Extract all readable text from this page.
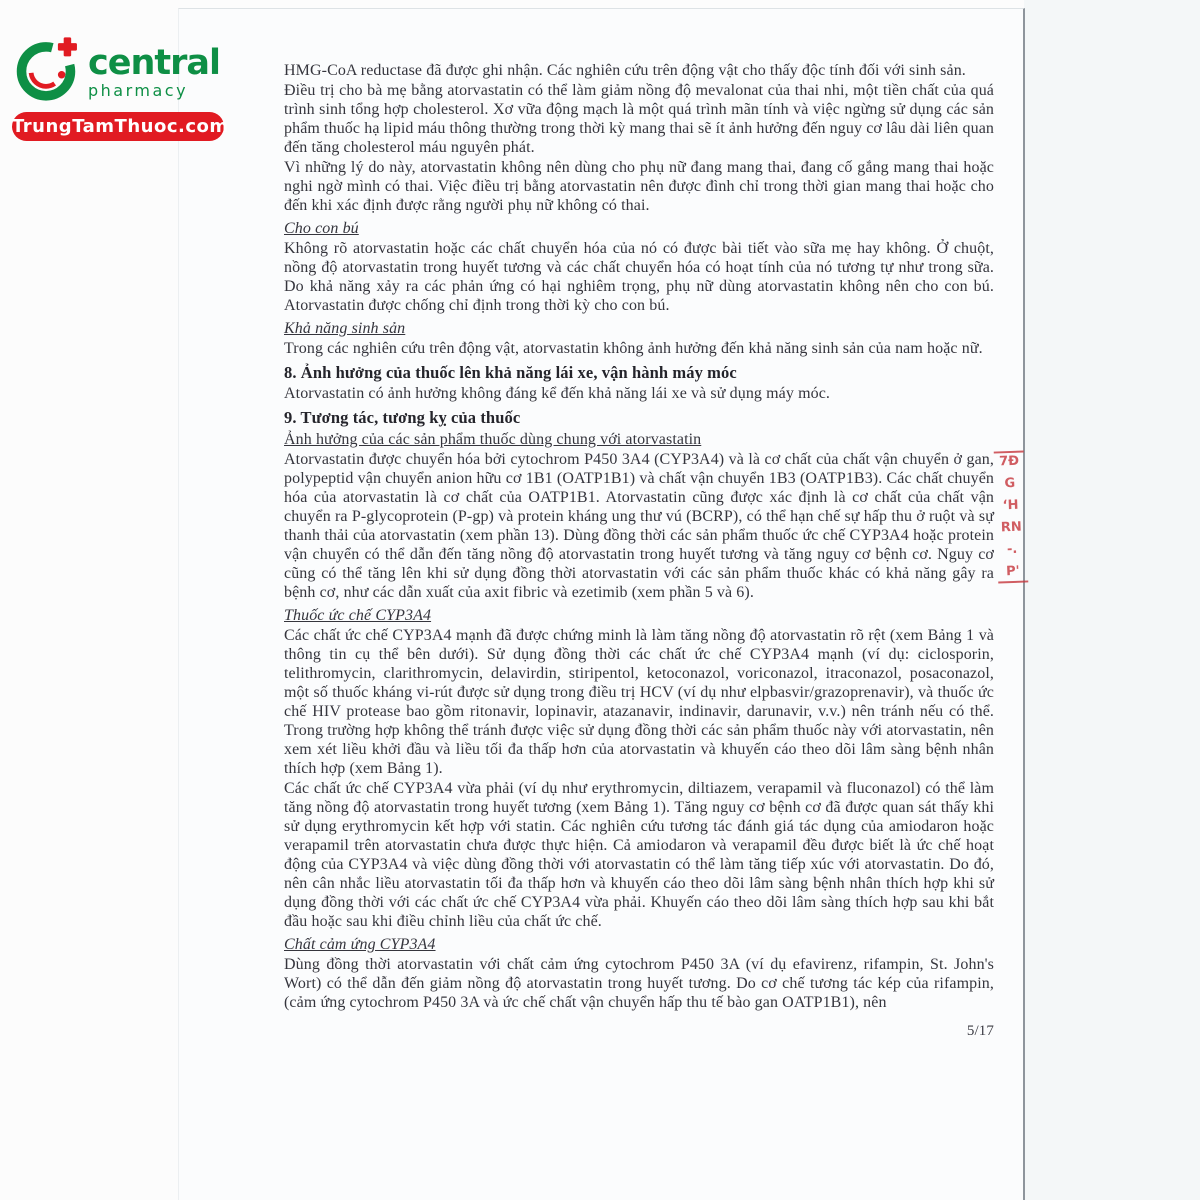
HMG-CoA reductase đã được ghi nhận. Các nghiên cứu trên động vật cho thấy độc tính đối với sinh sản.
Điều trị cho bà mẹ bằng atorvastatin có thể làm giảm nồng độ mevalonat của thai nhi, một tiền chất của quá trình sinh tổng hợp cholesterol. Xơ vữa động mạch là một quá trình mãn tính và việc ngừng sử dụng các sản phẩm thuốc hạ lipid máu thông thường trong thời kỳ mang thai sẽ ít ảnh hưởng đến nguy cơ lâu dài liên quan đến tăng cholesterol máu nguyên phát.
Vì những lý do này, atorvastatin không nên dùng cho phụ nữ đang mang thai, đang cố gắng mang thai hoặc nghi ngờ mình có thai. Việc điều trị bằng atorvastatin nên được đình chỉ trong thời gian mang thai hoặc cho đến khi xác định được rằng người phụ nữ không có thai.
Cho con bú
Không rõ atorvastatin hoặc các chất chuyển hóa của nó có được bài tiết vào sữa mẹ hay không. Ở chuột, nồng độ atorvastatin trong huyết tương và các chất chuyển hóa có hoạt tính của nó tương tự như trong sữa. Do khả năng xảy ra các phản ứng có hại nghiêm trọng, phụ nữ dùng atorvastatin không nên cho con bú. Atorvastatin được chống chỉ định trong thời kỳ cho con bú.
Khả năng sinh sản
Trong các nghiên cứu trên động vật, atorvastatin không ảnh hưởng đến khả năng sinh sản của nam hoặc nữ.
8. Ảnh hưởng của thuốc lên khả năng lái xe, vận hành máy móc
Atorvastatin có ảnh hưởng không đáng kể đến khả năng lái xe và sử dụng máy móc.
9. Tương tác, tương kỵ của thuốc
Ảnh hưởng của các sản phẩm thuốc dùng chung với atorvastatin
Atorvastatin được chuyển hóa bởi cytochrom P450 3A4 (CYP3A4) và là cơ chất của chất vận chuyển ở gan, polypeptid vận chuyển anion hữu cơ 1B1 (OATP1B1) và chất vận chuyển 1B3 (OATP1B3). Các chất chuyển hóa của atorvastatin là cơ chất của OATP1B1. Atorvastatin cũng được xác định là cơ chất của chất vận chuyển ra P-glycoprotein (P-gp) và protein kháng ung thư vú (BCRP), có thể hạn chế sự hấp thu ở ruột và sự thanh thải của atorvastatin (xem phần 13). Dùng đồng thời các sản phẩm thuốc ức chế CYP3A4 hoặc protein vận chuyển có thể dẫn đến tăng nồng độ atorvastatin trong huyết tương và tăng nguy cơ bệnh cơ. Nguy cơ cũng có thể tăng lên khi sử dụng đồng thời atorvastatin với các sản phẩm thuốc khác có khả năng gây ra bệnh cơ, như các dẫn xuất của axit fibric và ezetimib (xem phần 5 và 6).
Thuốc ức chế CYP3A4
Các chất ức chế CYP3A4 mạnh đã được chứng minh là làm tăng nồng độ atorvastatin rõ rệt (xem Bảng 1 và thông tin cụ thể bên dưới). Sử dụng đồng thời các chất ức chế CYP3A4 mạnh (ví dụ: ciclosporin, telithromycin, clarithromycin, delavirdin, stiripentol, ketoconazol, voriconazol, itraconazol, posaconazol, một số thuốc kháng vi-rút được sử dụng trong điều trị HCV (ví dụ như elpbasvir/grazoprenavir), và thuốc ức chế HIV protease bao gồm ritonavir, lopinavir, atazanavir, indinavir, darunavir, v.v.) nên tránh nếu có thể. Trong trường hợp không thể tránh được việc sử dụng đồng thời các sản phẩm thuốc này với atorvastatin, nên xem xét liều khởi đầu và liều tối đa thấp hơn của atorvastatin và khuyến cáo theo dõi lâm sàng bệnh nhân thích hợp (xem Bảng 1).
Các chất ức chế CYP3A4 vừa phải (ví dụ như erythromycin, diltiazem, verapamil và fluconazol) có thể làm tăng nồng độ atorvastatin trong huyết tương (xem Bảng 1). Tăng nguy cơ bệnh cơ đã được quan sát thấy khi sử dụng erythromycin kết hợp với statin. Các nghiên cứu tương tác đánh giá tác dụng của amiodaron hoặc verapamil trên atorvastatin chưa được thực hiện. Cả amiodaron và verapamil đều được biết là ức chế hoạt động của CYP3A4 và việc dùng đồng thời với atorvastatin có thể làm tăng tiếp xúc với atorvastatin. Do đó, nên cân nhắc liều atorvastatin tối đa thấp hơn và khuyến cáo theo dõi lâm sàng bệnh nhân thích hợp khi sử dụng đồng thời với các chất ức chế CYP3A4 vừa phải. Khuyến cáo theo dõi lâm sàng thích hợp sau khi bắt đầu hoặc sau khi điều chỉnh liều của chất ức chế.
Chất cảm ứng CYP3A4
Dùng đồng thời atorvastatin với chất cảm ứng cytochrom P450 3A (ví dụ efavirenz, rifampin, St. John's Wort) có thể dẫn đến giảm nồng độ atorvastatin trong huyết tương. Do cơ chế tương tác kép của rifampin, (cảm ứng cytochrom P450 3A và ức chế chất vận chuyển hấp thu tế bào gan OATP1B1), nên
5/17
7Đ
G
ʻH
RN
-.
P'
central
pharmacy
TrungTamThuoc.com
